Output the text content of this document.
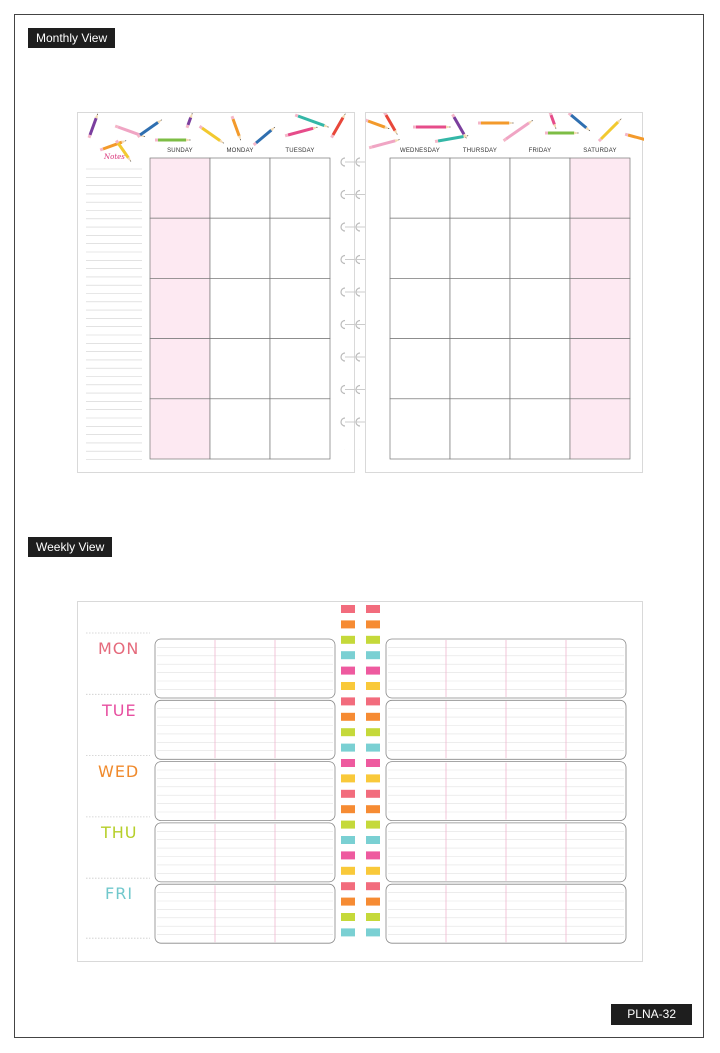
Monthly View
Notes
SUNDAY	MONDAY	TUESDAY	WEDNESDAY	THURSDAY	FRIDAY	SATURDAY
Weekly View
MON
TUE
WED
THU
FRI
PLNA-32
